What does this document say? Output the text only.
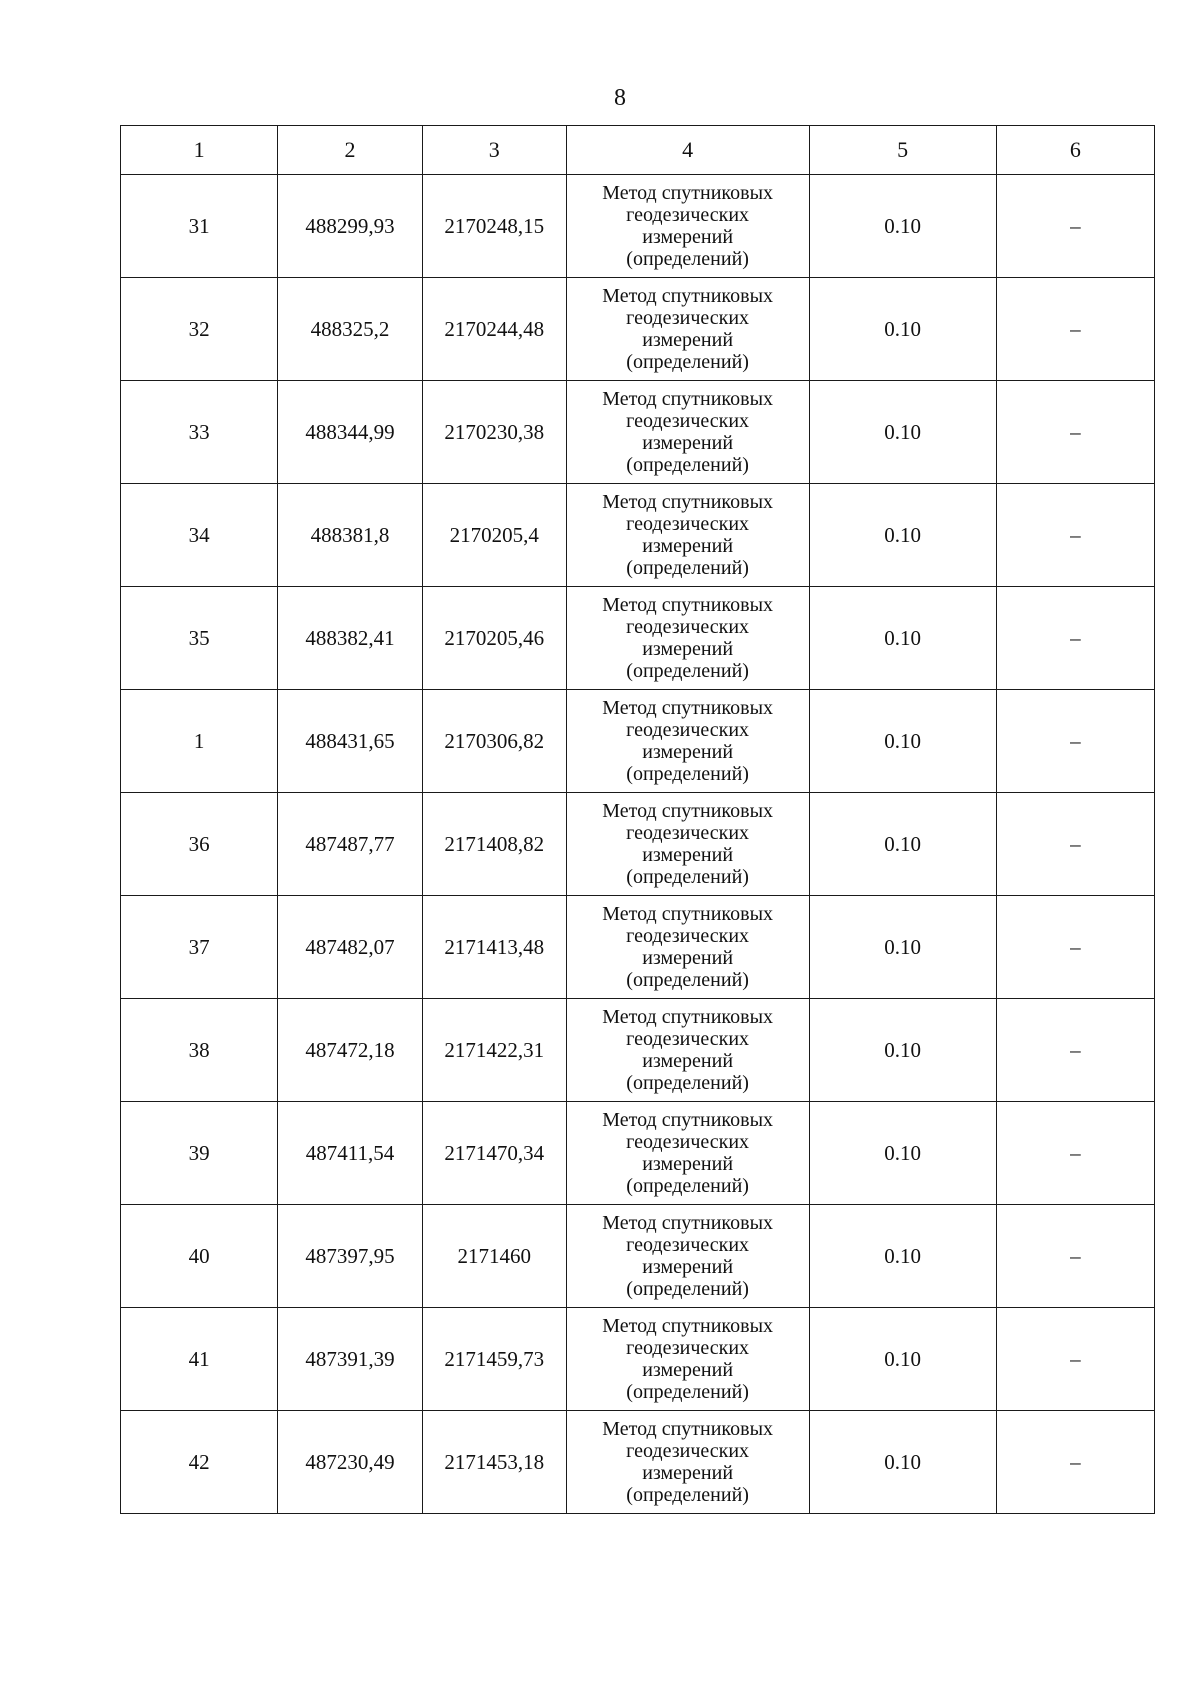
8
1	2	3	4	5	6
31	488299,93	2170248,15	Метод спутниковых
геодезических
измерений
(определений)	0.10	–
32	488325,2	2170244,48	Метод спутниковых
геодезических
измерений
(определений)	0.10	–
33	488344,99	2170230,38	Метод спутниковых
геодезических
измерений
(определений)	0.10	–
34	488381,8	2170205,4	Метод спутниковых
геодезических
измерений
(определений)	0.10	–
35	488382,41	2170205,46	Метод спутниковых
геодезических
измерений
(определений)	0.10	–
1	488431,65	2170306,82	Метод спутниковых
геодезических
измерений
(определений)	0.10	–
36	487487,77	2171408,82	Метод спутниковых
геодезических
измерений
(определений)	0.10	–
37	487482,07	2171413,48	Метод спутниковых
геодезических
измерений
(определений)	0.10	–
38	487472,18	2171422,31	Метод спутниковых
геодезических
измерений
(определений)	0.10	–
39	487411,54	2171470,34	Метод спутниковых
геодезических
измерений
(определений)	0.10	–
40	487397,95	2171460	Метод спутниковых
геодезических
измерений
(определений)	0.10	–
41	487391,39	2171459,73	Метод спутниковых
геодезических
измерений
(определений)	0.10	–
42	487230,49	2171453,18	Метод спутниковых
геодезических
измерений
(определений)	0.10	–
